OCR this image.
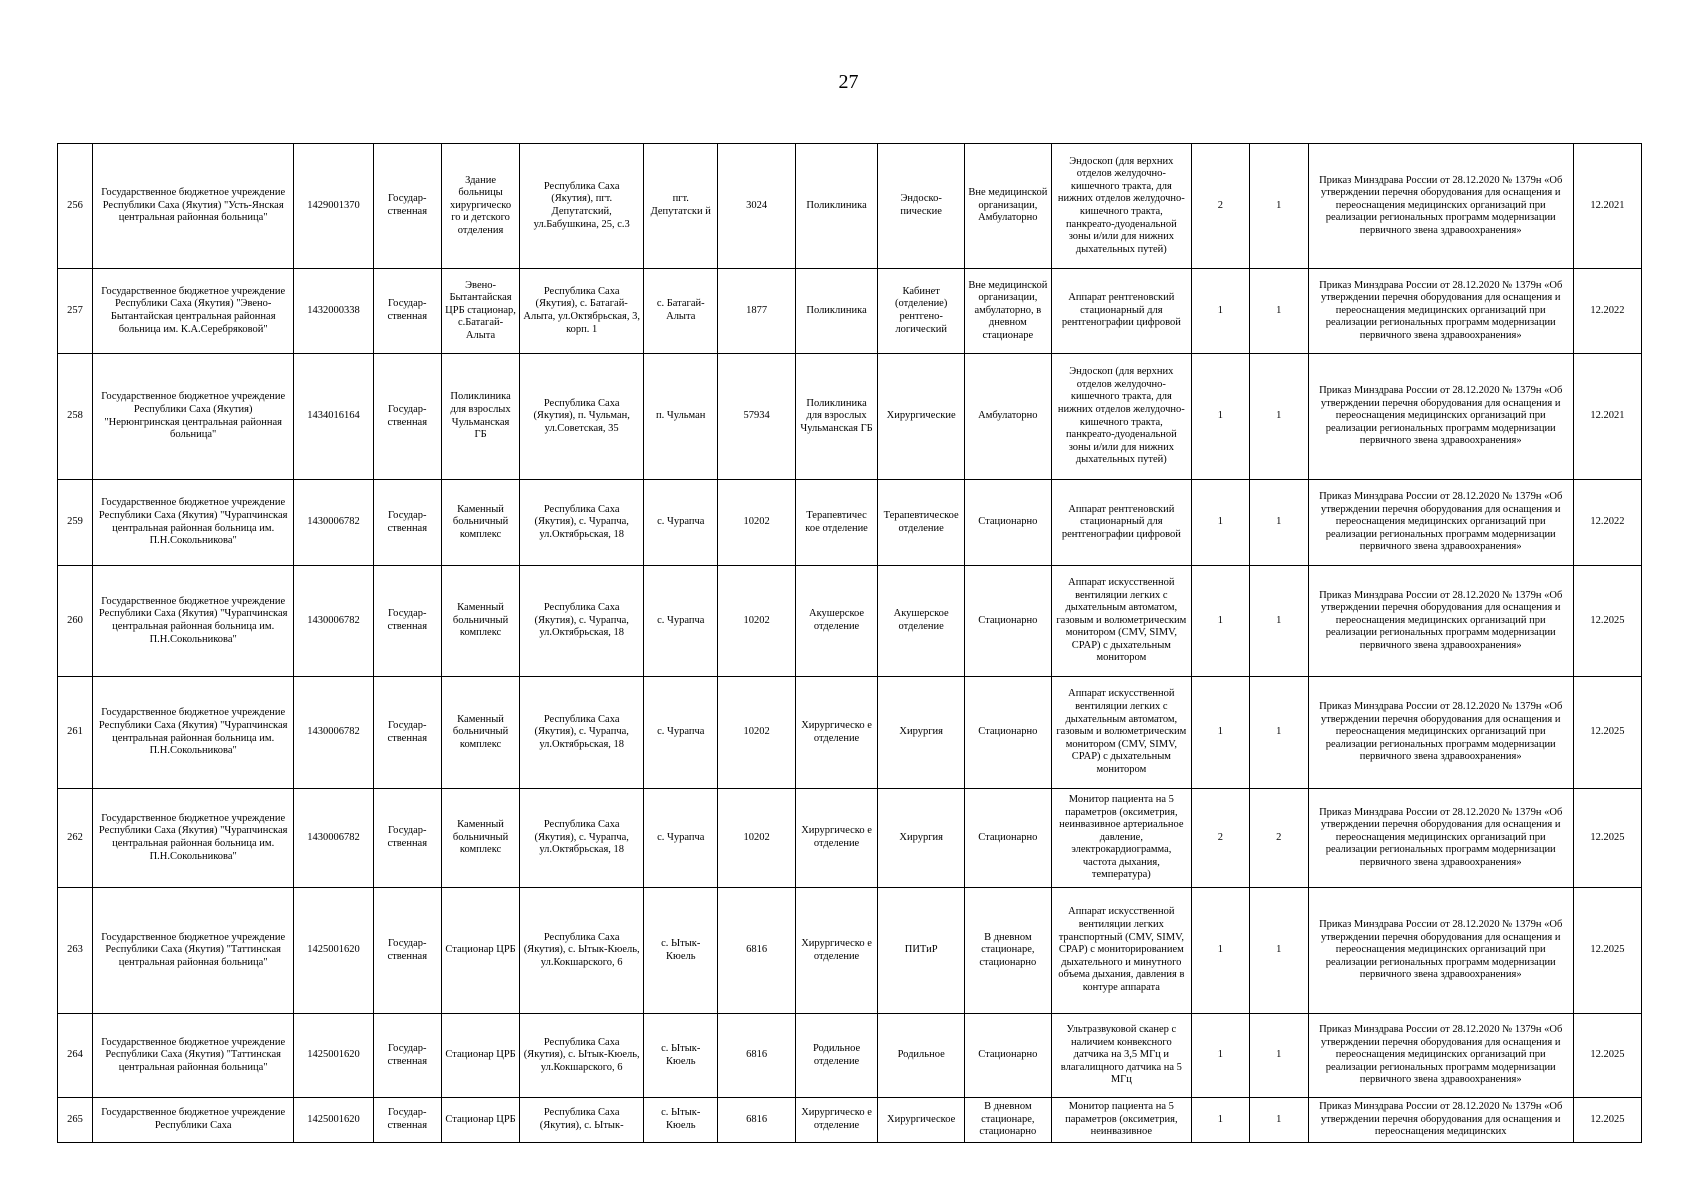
27
256	Государственное бюджетное учреждение Республики Саха (Якутия) "Усть-Янская центральная районная больница"	1429001370	Государ-ственная	Здание больницы хирургическо го и детского отделения	Республика Саха (Якутия), пгт. Депутатский, ул.Бабушкина, 25, с.3	пгт. Депутатски й	3024	Поликлиника	Эндоско-пические	Вне медицинской организации, Амбулаторно	Эндоскоп (для верхних отделов желудочно-кишечного тракта, для нижних отделов желудочно-кишечного тракта, панкреато-дуоденальной зоны и/или для нижних дыхательных путей)	2	1	Приказ Минздрава России от 28.12.2020 № 1379н «Об утверждении перечня оборудования для оснащения и переоснащения медицинских организаций при реализации региональных программ модернизации первичного звена здравоохранения»	12.2021
257	Государственное бюджетное учреждение Республики Саха (Якутия) "Эвено-Бытантайская центральная районная больница им. К.А.Серебряковой"	1432000338	Государ-ственная	Эвено-Бытантайская ЦРБ стационар, с.Батагай-Алыта	Республика Саха (Якутия), с. Батагай-Алыта, ул.Октябрьская, 3, корп. 1	с. Батагай-Алыта	1877	Поликлиника	Кабинет (отделение) рентгено-логический	Вне медицинской организации, амбулаторно, в дневном стационаре	Аппарат рентгеновский стационарный для рентгенографии цифровой	1	1	Приказ Минздрава России от 28.12.2020 № 1379н «Об утверждении перечня оборудования для оснащения и переоснащения медицинских организаций при реализации региональных программ модернизации первичного звена здравоохранения»	12.2022
258	Государственное бюджетное учреждение Республики Саха (Якутия) "Нерюнгринская центральная районная больница"	1434016164	Государ-ственная	Поликлиника для взрослых Чульманская ГБ	Республика Саха (Якутия), п. Чульман, ул.Советская, 35	п. Чульман	57934	Поликлиника для взрослых Чульманская ГБ	Хирургические	Амбулаторно	Эндоскоп (для верхних отделов желудочно-кишечного тракта, для нижних отделов желудочно-кишечного тракта, панкреато-дуоденальной зоны и/или для нижних дыхательных путей)	1	1	Приказ Минздрава России от 28.12.2020 № 1379н «Об утверждении перечня оборудования для оснащения и переоснащения медицинских организаций при реализации региональных программ модернизации первичного звена здравоохранения»	12.2021
259	Государственное бюджетное учреждение Республики Саха (Якутия) "Чурапчинская центральная районная больница им. П.Н.Сокольникова"	1430006782	Государ-ственная	Каменный больничный комплекс	Республика Саха (Якутия), с. Чурапча, ул.Октябрьская, 18	с. Чурапча	10202	Терапевтичес кое отделение	Терапевтическое отделение	Стационарно	Аппарат рентгеновский стационарный для рентгенографии цифровой	1	1	Приказ Минздрава России от 28.12.2020 № 1379н «Об утверждении перечня оборудования для оснащения и переоснащения медицинских организаций при реализации региональных программ модернизации первичного звена здравоохранения»	12.2022
260	Государственное бюджетное учреждение Республики Саха (Якутия) "Чурапчинская центральная районная больница им. П.Н.Сокольникова"	1430006782	Государ-ственная	Каменный больничный комплекс	Республика Саха (Якутия), с. Чурапча, ул.Октябрьская, 18	с. Чурапча	10202	Акушерское отделение	Акушерское отделение	Стационарно	Аппарат искусственной вентиляции легких с дыхательным автоматом, газовым и волюметрическим монитором (CMV, SIMV, CPAP) с дыхательным монитором	1	1	Приказ Минздрава России от 28.12.2020 № 1379н «Об утверждении перечня оборудования для оснащения и переоснащения медицинских организаций при реализации региональных программ модернизации первичного звена здравоохранения»	12.2025
261	Государственное бюджетное учреждение Республики Саха (Якутия) "Чурапчинская центральная районная больница им. П.Н.Сокольникова"	1430006782	Государ-ственная	Каменный больничный комплекс	Республика Саха (Якутия), с. Чурапча, ул.Октябрьская, 18	с. Чурапча	10202	Хирургическо е отделение	Хирургия	Стационарно	Аппарат искусственной вентиляции легких с дыхательным автоматом, газовым и волюметрическим монитором (CMV, SIMV, CPAP) с дыхательным монитором	1	1	Приказ Минздрава России от 28.12.2020 № 1379н «Об утверждении перечня оборудования для оснащения и переоснащения медицинских организаций при реализации региональных программ модернизации первичного звена здравоохранения»	12.2025
262	Государственное бюджетное учреждение Республики Саха (Якутия) "Чурапчинская центральная районная больница им. П.Н.Сокольникова"	1430006782	Государ-ственная	Каменный больничный комплекс	Республика Саха (Якутия), с. Чурапча, ул.Октябрьская, 18	с. Чурапча	10202	Хирургическо е отделение	Хирургия	Стационарно	Монитор пациента на 5 параметров (оксиметрия, неинвазивное артериальное давление, электрокардиограмма, частота дыхания, температура)	2	2	Приказ Минздрава России от 28.12.2020 № 1379н «Об утверждении перечня оборудования для оснащения и переоснащения медицинских организаций при реализации региональных программ модернизации первичного звена здравоохранения»	12.2025
263	Государственное бюджетное учреждение Республики Саха (Якутия) "Таттинская центральная районная больница"	1425001620	Государ-ственная	Стационар ЦРБ	Республика Саха (Якутия), с. Ытык-Кюель, ул.Кокшарского, 6	с. Ытык-Кюель	6816	Хирургическо е отделение	ПИТиР	В дневном стационаре, стационарно	Аппарат искусственной вентиляции легких транспортный (CMV, SIMV, CPAP) с мониторированием дыхательного и минутного объема дыхания, давления в контуре аппарата	1	1	Приказ Минздрава России от 28.12.2020 № 1379н «Об утверждении перечня оборудования для оснащения и переоснащения медицинских организаций при реализации региональных программ модернизации первичного звена здравоохранения»	12.2025
264	Государственное бюджетное учреждение Республики Саха (Якутия) "Таттинская центральная районная больница"	1425001620	Государ-ственная	Стационар ЦРБ	Республика Саха (Якутия), с. Ытык-Кюель, ул.Кокшарского, 6	с. Ытык-Кюель	6816	Родильное отделение	Родильное	Стационарно	Ультразвуковой сканер с наличием конвексного датчика на 3,5 МГц и влагалищного датчика на 5 МГц	1	1	Приказ Минздрава России от 28.12.2020 № 1379н «Об утверждении перечня оборудования для оснащения и переоснащения медицинских организаций при реализации региональных программ модернизации первичного звена здравоохранения»	12.2025
265	Государственное бюджетное учреждение Республики Саха	1425001620	Государ-ственная	Стационар ЦРБ	Республика Саха (Якутия), с. Ытык-	с. Ытык-Кюель	6816	Хирургическо е отделение	Хирургическое	В дневном стационаре, стационарно	Монитор пациента на 5 параметров (оксиметрия, неинвазивное	1	1	Приказ Минздрава России от 28.12.2020 № 1379н «Об утверждении перечня оборудования для оснащения и переоснащения медицинских	12.2025
